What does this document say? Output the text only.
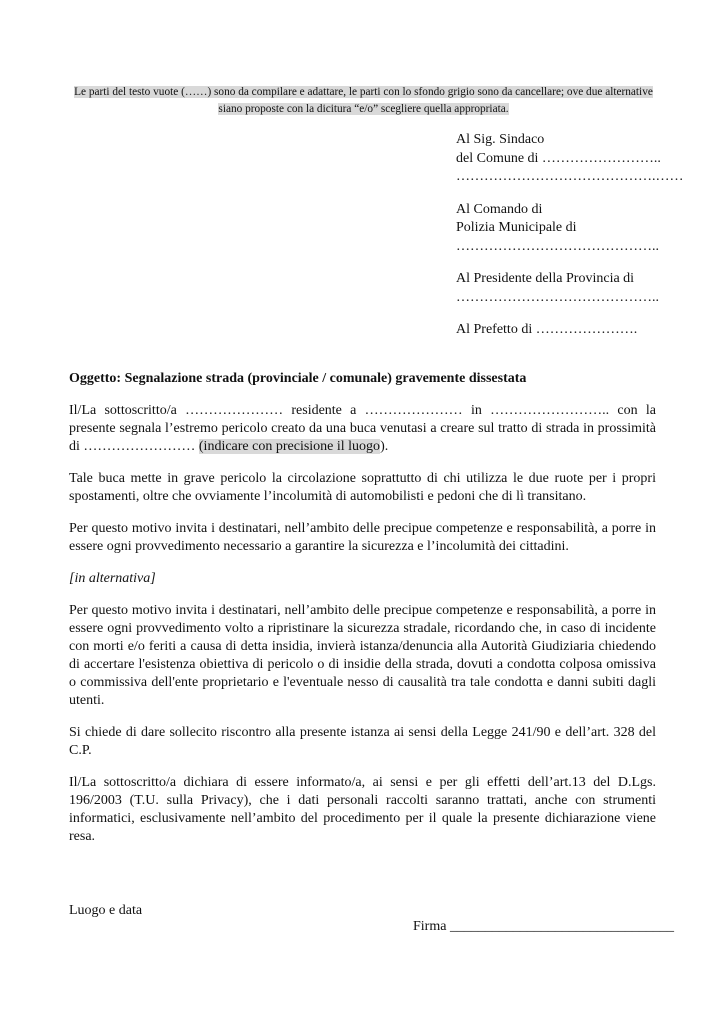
Le parti del testo vuote (……) sono da compilare e adattare, le parti con lo sfondo grigio sono da cancellare; ove due alternative siano proposte con la dicitura “e/o” scegliere quella appropriata.
Al Sig. Sindaco
del Comune di ……………………..
…………………………………….……
Al Comando di
Polizia Municipale di
……………………………………..
Al Presidente della Provincia di
……………………………………..
Al Prefetto di ………………….

Oggetto: Segnalazione strada (provinciale / comunale) gravemente dissestata

Il/La sottoscritto/a ………………… residente a ………………… in …………………….. con la presente segnala l’estremo pericolo creato da una buca venutasi a creare sul tratto di strada in prossimità di …………………… (indicare con precisione il luogo).

Tale buca mette in grave pericolo la circolazione soprattutto di chi utilizza le due ruote per i propri spostamenti, oltre che ovviamente l’incolumità di automobilisti e pedoni che di lì transitano.

Per questo motivo invita i destinatari, nell’ambito delle precipue competenze e responsabilità, a porre in essere ogni provvedimento necessario a garantire la sicurezza e l’incolumità dei cittadini.

[in alternativa]

Per questo motivo invita i destinatari, nell’ambito delle precipue competenze e responsabilità, a porre in essere ogni provvedimento volto a ripristinare la sicurezza stradale, ricordando che, in caso di incidente con morti e/o feriti a causa di detta insidia, invierà istanza/denuncia alla Autorità Giudiziaria chiedendo di accertare l'esistenza obiettiva di pericolo o di insidie della strada, dovuti a condotta colposa omissiva o commissiva dell'ente proprietario e l'eventuale nesso di causalità tra tale condotta e danni subiti dagli utenti.

Si chiede di dare sollecito riscontro alla presente istanza ai sensi della Legge 241/90 e dell’art. 328 del C.P.

Il/La sottoscritto/a dichiara di essere informato/a, ai sensi e per gli effetti dell’art.13 del D.Lgs. 196/2003 (T.U. sulla Privacy), che i dati personali raccolti saranno trattati, anche con strumenti informatici, esclusivamente nell’ambito del procedimento per il quale la presente dichiarazione viene resa.

Luogo e data
Firma ________________________________
